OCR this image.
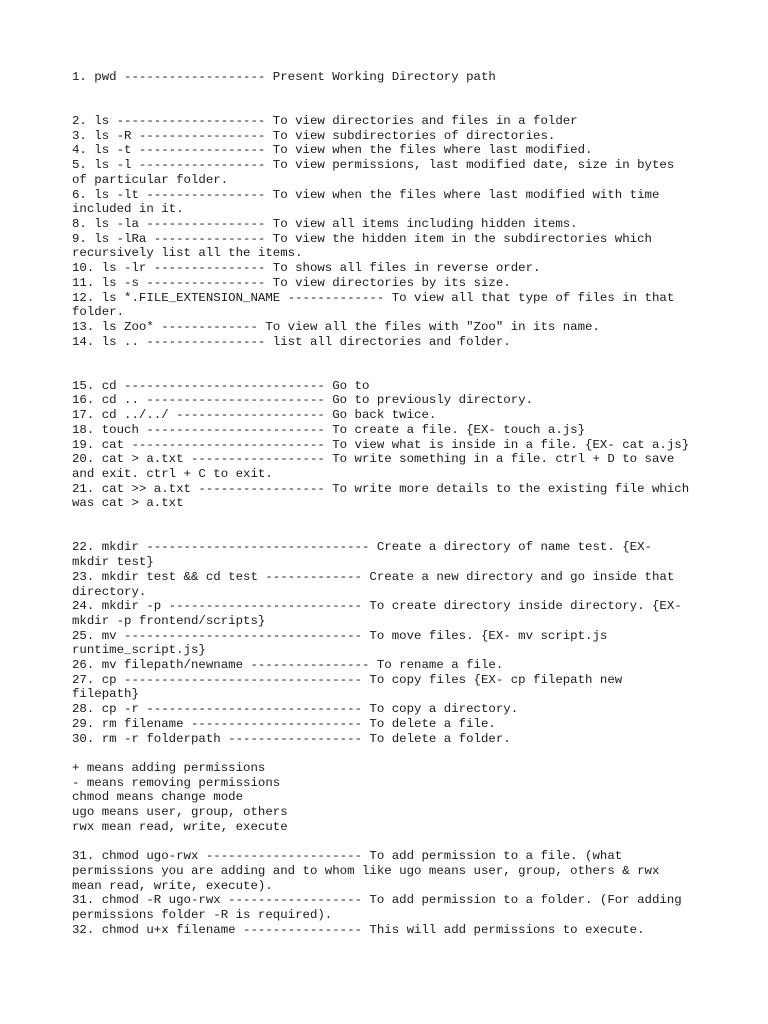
1. pwd ------------------- Present Working Directory path
2. ls -------------------- To view directories and files in a folder
3. ls -R ----------------- To view subdirectories of directories.
4. ls -t ----------------- To view when the files where last modified.
5. ls -l ----------------- To view permissions, last modified date, size in bytes
of particular folder.
6. ls -lt ---------------- To view when the files where last modified with time
included in it.
8. ls -la ---------------- To view all items including hidden items.
9. ls -lRa --------------- To view the hidden item in the subdirectories which
recursively list all the items.
10. ls -lr --------------- To shows all files in reverse order.
11. ls -s ---------------- To view directories by its size.
12. ls *.FILE_EXTENSION_NAME ------------- To view all that type of files in that
folder.
13. ls Zoo* ------------- To view all the files with "Zoo" in its name.
14. ls .. ---------------- list all directories and folder.
15. cd --------------------------- Go to
16. cd .. ------------------------ Go to previously directory.
17. cd ../../ -------------------- Go back twice.
18. touch ------------------------ To create a file. {EX- touch a.js}
19. cat -------------------------- To view what is inside in a file. {EX- cat a.js}
20. cat > a.txt ------------------ To write something in a file. ctrl + D to save
and exit. ctrl + C to exit.
21. cat >> a.txt ----------------- To write more details to the existing file which
was cat > a.txt
22. mkdir ------------------------------ Create a directory of name test. {EX-
mkdir test}
23. mkdir test && cd test ------------- Create a new directory and go inside that
directory.
24. mkdir -p -------------------------- To create directory inside directory. {EX-
mkdir -p frontend/scripts}
25. mv -------------------------------- To move files. {EX- mv script.js
runtime_script.js}
26. mv filepath/newname ---------------- To rename a file.
27. cp -------------------------------- To copy files {EX- cp filepath new
filepath}
28. cp -r ----------------------------- To copy a directory.
29. rm filename ----------------------- To delete a file.
30. rm -r folderpath ------------------ To delete a folder.
+ means adding permissions
- means removing permissions
chmod means change mode
ugo means user, group, others
rwx mean read, write, execute
31. chmod ugo-rwx --------------------- To add permission to a file. (what
permissions you are adding and to whom like ugo means user, group, others & rwx
mean read, write, execute).
31. chmod -R ugo-rwx ------------------ To add permission to a folder. (For adding
permissions folder -R is required).
32. chmod u+x filename ---------------- This will add permissions to execute.
